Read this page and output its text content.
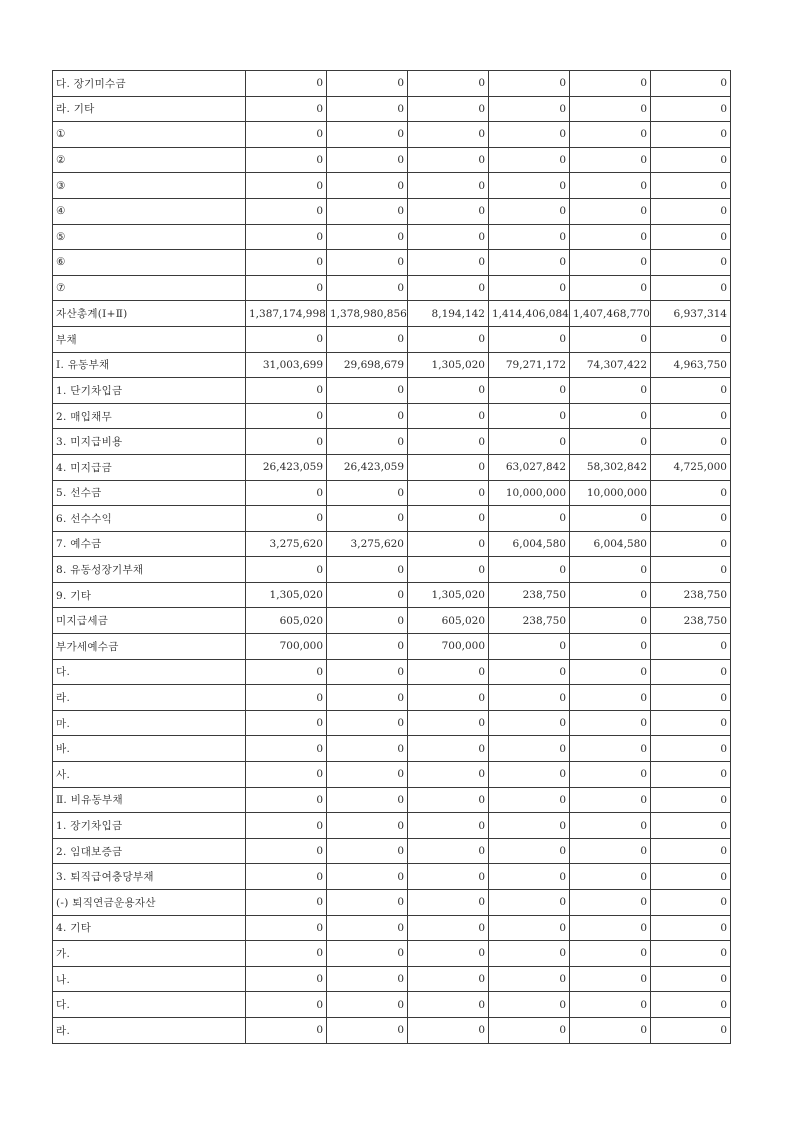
다. 장기미수금	0	0	0	0	0	0
라. 기타	0	0	0	0	0	0
①	0	0	0	0	0	0
②	0	0	0	0	0	0
③	0	0	0	0	0	0
④	0	0	0	0	0	0
⑤	0	0	0	0	0	0
⑥	0	0	0	0	0	0
⑦	0	0	0	0	0	0
자산총계(Ⅰ+Ⅱ)	1,387,174,998	1,378,980,856	8,194,142	1,414,406,084	1,407,468,770	6,937,314
부채	0	0	0	0	0	0
Ⅰ. 유동부채	31,003,699	29,698,679	1,305,020	79,271,172	74,307,422	4,963,750
1. 단기차입금	0	0	0	0	0	0
2. 매입채무	0	0	0	0	0	0
3. 미지급비용	0	0	0	0	0	0
4. 미지급금	26,423,059	26,423,059	0	63,027,842	58,302,842	4,725,000
5. 선수금	0	0	0	10,000,000	10,000,000	0
6. 선수수익	0	0	0	0	0	0
7. 예수금	3,275,620	3,275,620	0	6,004,580	6,004,580	0
8. 유동성장기부채	0	0	0	0	0	0
9. 기타	1,305,020	0	1,305,020	238,750	0	238,750
미지급세금	605,020	0	605,020	238,750	0	238,750
부가세예수금	700,000	0	700,000	0	0	0
다.	0	0	0	0	0	0
라.	0	0	0	0	0	0
마.	0	0	0	0	0	0
바.	0	0	0	0	0	0
사.	0	0	0	0	0	0
Ⅱ. 비유동부채	0	0	0	0	0	0
1. 장기차입금	0	0	0	0	0	0
2. 임대보증금	0	0	0	0	0	0
3. 퇴직급여충당부채	0	0	0	0	0	0
(-) 퇴직연금운용자산	0	0	0	0	0	0
4. 기타	0	0	0	0	0	0
가.	0	0	0	0	0	0
나.	0	0	0	0	0	0
다.	0	0	0	0	0	0
라.	0	0	0	0	0	0
